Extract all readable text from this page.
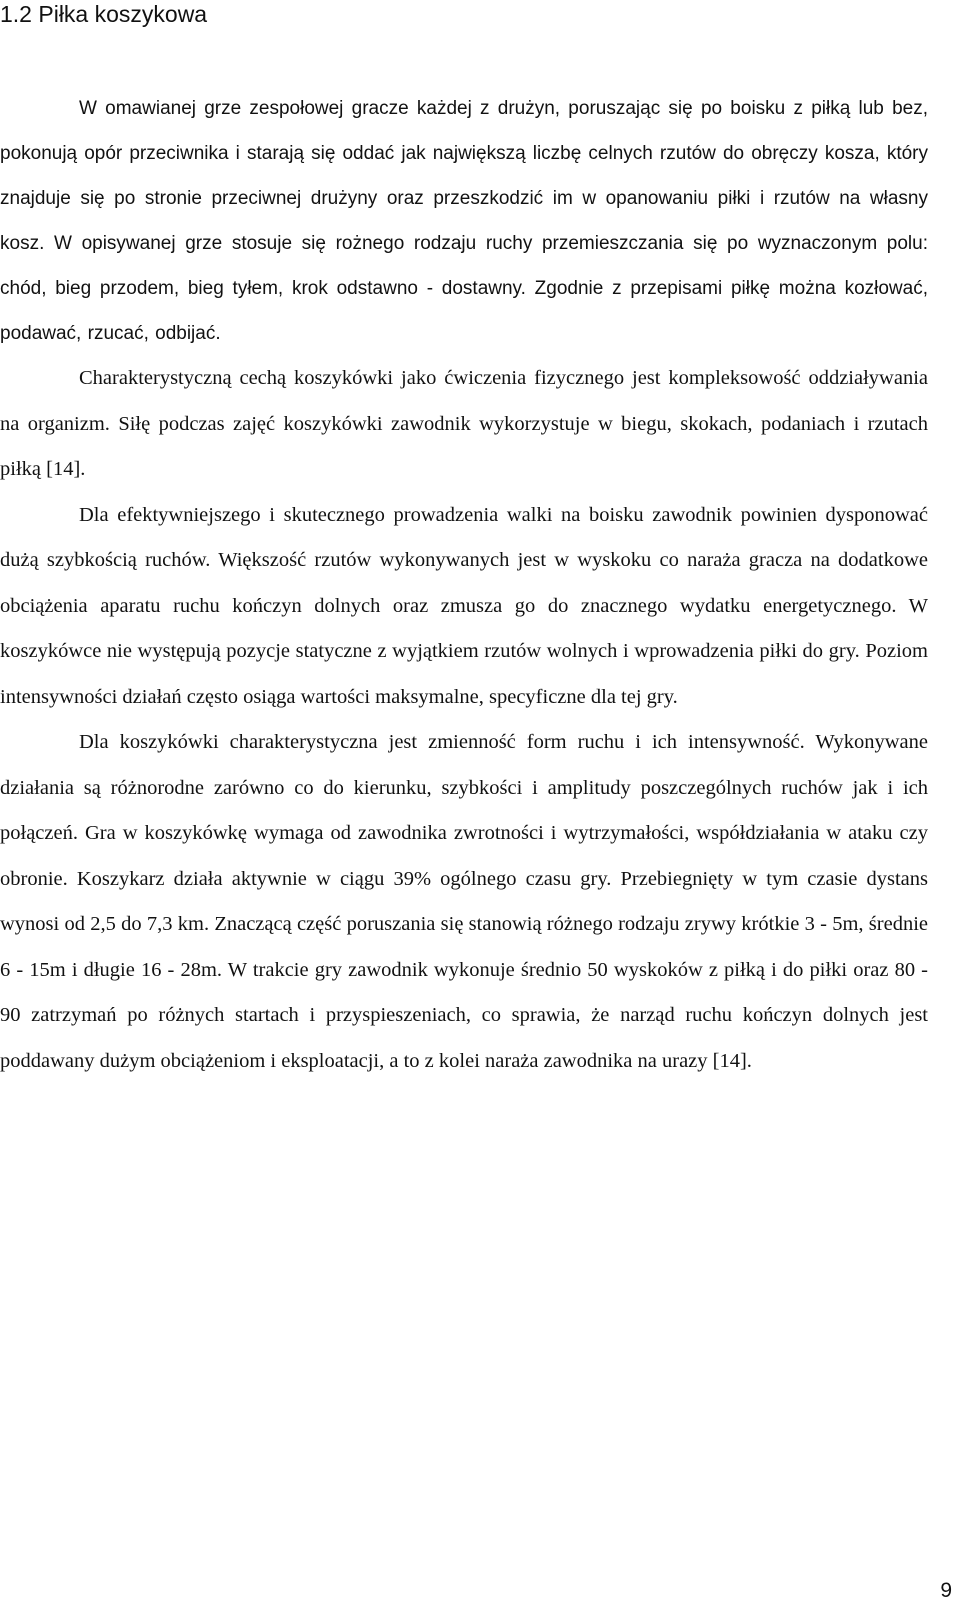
1.2 Piłka koszykowa

W omawianej grze zespołowej gracze każdej z drużyn, poruszając się po boisku z piłką lub bez, pokonują opór przeciwnika i starają się oddać jak największą liczbę celnych rzutów do obręczy kosza, który znajduje się po stronie przeciwnej drużyny oraz przeszkodzić im w opanowaniu piłki i rzutów na własny kosz. W opisywanej grze stosuje się rożnego rodzaju ruchy przemieszczania się po wyznaczonym polu: chód, bieg przodem, bieg tyłem, krok odstawno - dostawny. Zgodnie z przepisami piłkę można kozłować, podawać, rzucać, odbijać.

Charakterystyczną cechą koszykówki jako ćwiczenia fizycznego jest kompleksowość oddziaływania na organizm. Siłę podczas zajęć koszykówki zawodnik wykorzystuje w biegu, skokach, podaniach i rzutach piłką [14].

Dla efektywniejszego i skutecznego prowadzenia walki na boisku zawodnik powinien dysponować dużą szybkością ruchów. Większość rzutów wykonywanych jest w wyskoku co naraża gracza na dodatkowe obciążenia aparatu ruchu kończyn dolnych oraz zmusza go do znacznego wydatku energetycznego. W koszykówce nie występują pozycje statyczne z wyjątkiem rzutów wolnych i wprowadzenia piłki do gry. Poziom intensywności działań często osiąga wartości maksymalne, specyficzne dla tej gry.

Dla koszykówki charakterystyczna jest zmienność form ruchu i ich intensywność. Wykonywane działania są różnorodne zarówno co do kierunku, szybkości i amplitudy poszczególnych ruchów jak i ich połączeń. Gra w koszykówkę wymaga od zawodnika zwrotności i wytrzymałości, współdziałania w ataku czy obronie. Koszykarz działa aktywnie w ciągu 39% ogólnego czasu gry. Przebiegnięty w tym czasie dystans wynosi od 2,5 do 7,3 km. Znaczącą część poruszania się stanowią różnego rodzaju zrywy krótkie 3 - 5m, średnie 6 - 15m i długie 16 - 28m. W trakcie gry zawodnik wykonuje średnio 50 wyskoków z piłką i do piłki oraz 80 - 90 zatrzymań po różnych startach i przyspieszeniach, co sprawia, że narząd ruchu kończyn dolnych jest poddawany dużym obciążeniom i eksploatacji, a to z kolei naraża zawodnika na urazy [14].

9
